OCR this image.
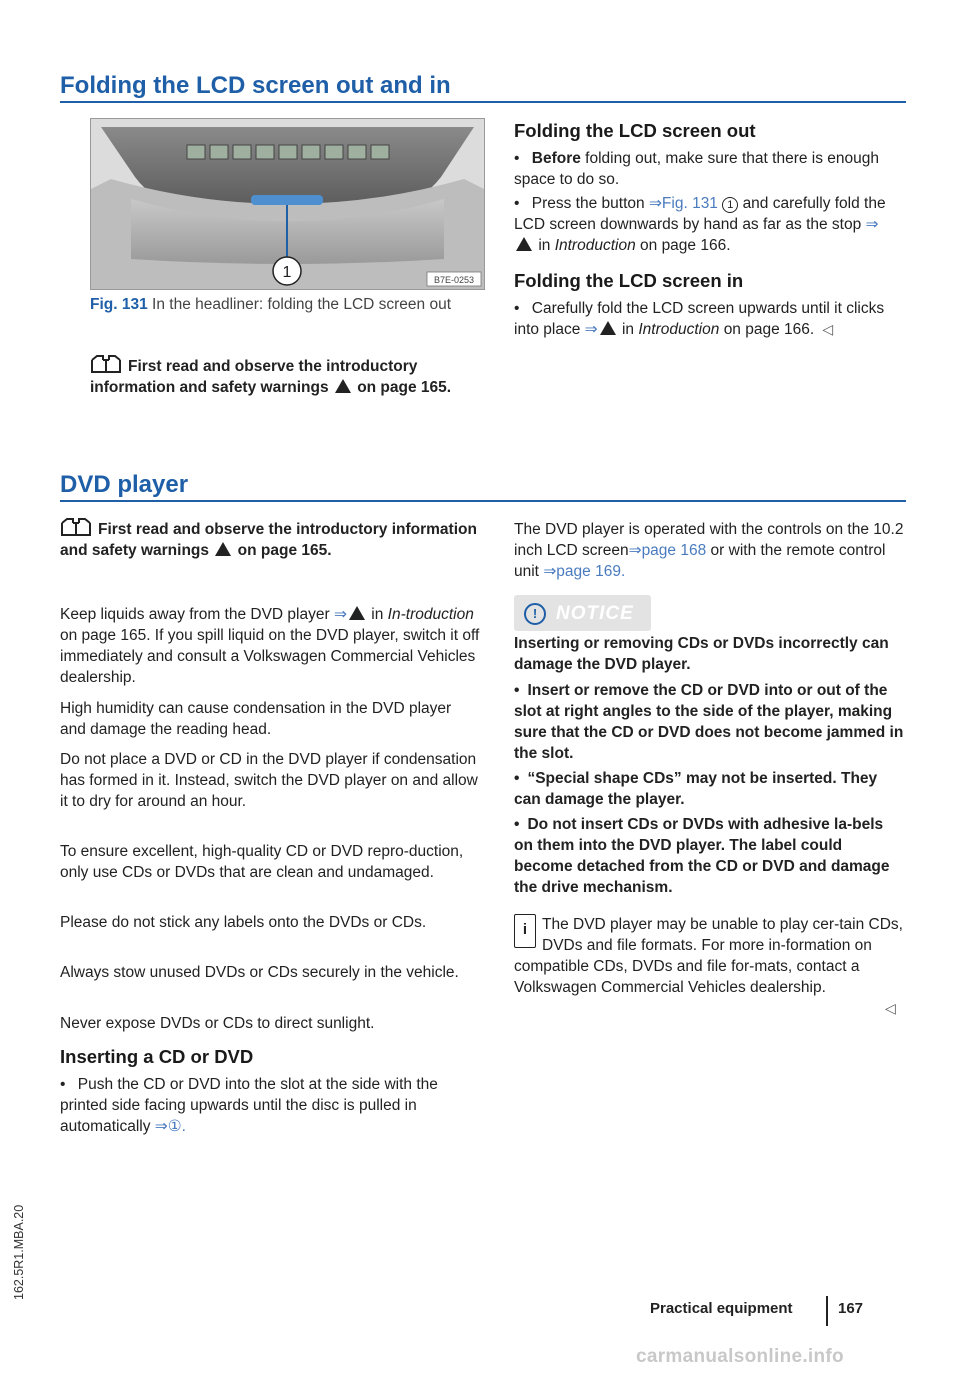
Folding the LCD screen out and in
1	B7E-0253

Fig. 131 In the headliner: folding the LCD screen out

First read and observe the introductory information and safety warnings on page 165.

Folding the LCD screen out

• Before folding out, make sure that there is enough space to do so.

• Press the button ⇒Fig. 131 1 and carefully fold the LCD screen downwards by hand as far as the stop ⇒ in Introduction on page 166.

Folding the LCD screen in

• Carefully fold the LCD screen upwards until it clicks into place ⇒ in Introduction on page 166.  ◁

DVD player

First read and observe the introductory information and safety warnings on page 165.

Keep liquids away from the DVD player ⇒ in In-troduction on page 165. If you spill liquid on the DVD player, switch it off immediately and consult a Volkswagen Commercial Vehicles dealership.

High humidity can cause condensation in the DVD player and damage the reading head.

Do not place a DVD or CD in the DVD player if condensation has formed in it. Instead, switch the DVD player on and allow it to dry for around an hour.

To ensure excellent, high-quality CD or DVD repro-duction, only use CDs or DVDs that are clean and undamaged.

Please do not stick any labels onto the DVDs or CDs.

Always stow unused DVDs or CDs securely in the vehicle.

Never expose DVDs or CDs to direct sunlight.

Inserting a CD or DVD

• Push the CD or DVD into the slot at the side with the printed side facing upwards until the disc is pulled in automatically ⇒①.

The DVD player is operated with the controls on the 10.2 inch LCD screen⇒page 168 or with the remote control unit ⇒page 169.

! NOTICE

Inserting or removing CDs or DVDs incorrectly can damage the DVD player.

• Insert or remove the CD or DVD into or out of the slot at right angles to the side of the player, making sure that the CD or DVD does not become jammed in the slot.

• “Special shape CDs” may not be inserted. They can damage the player.

• Do not insert CDs or DVDs with adhesive la-bels on them into the DVD player. The label could become detached from the CD or DVD and damage the drive mechanism.

i The DVD player may be unable to play cer-tain CDs, DVDs and file formats. For more in-formation on compatible CDs, DVDs and file for-mats, contact a Volkswagen Commercial Vehicles dealership.
◁
162.5R1.MBA.20
Practical equipment	167
carmanualsonline.info
